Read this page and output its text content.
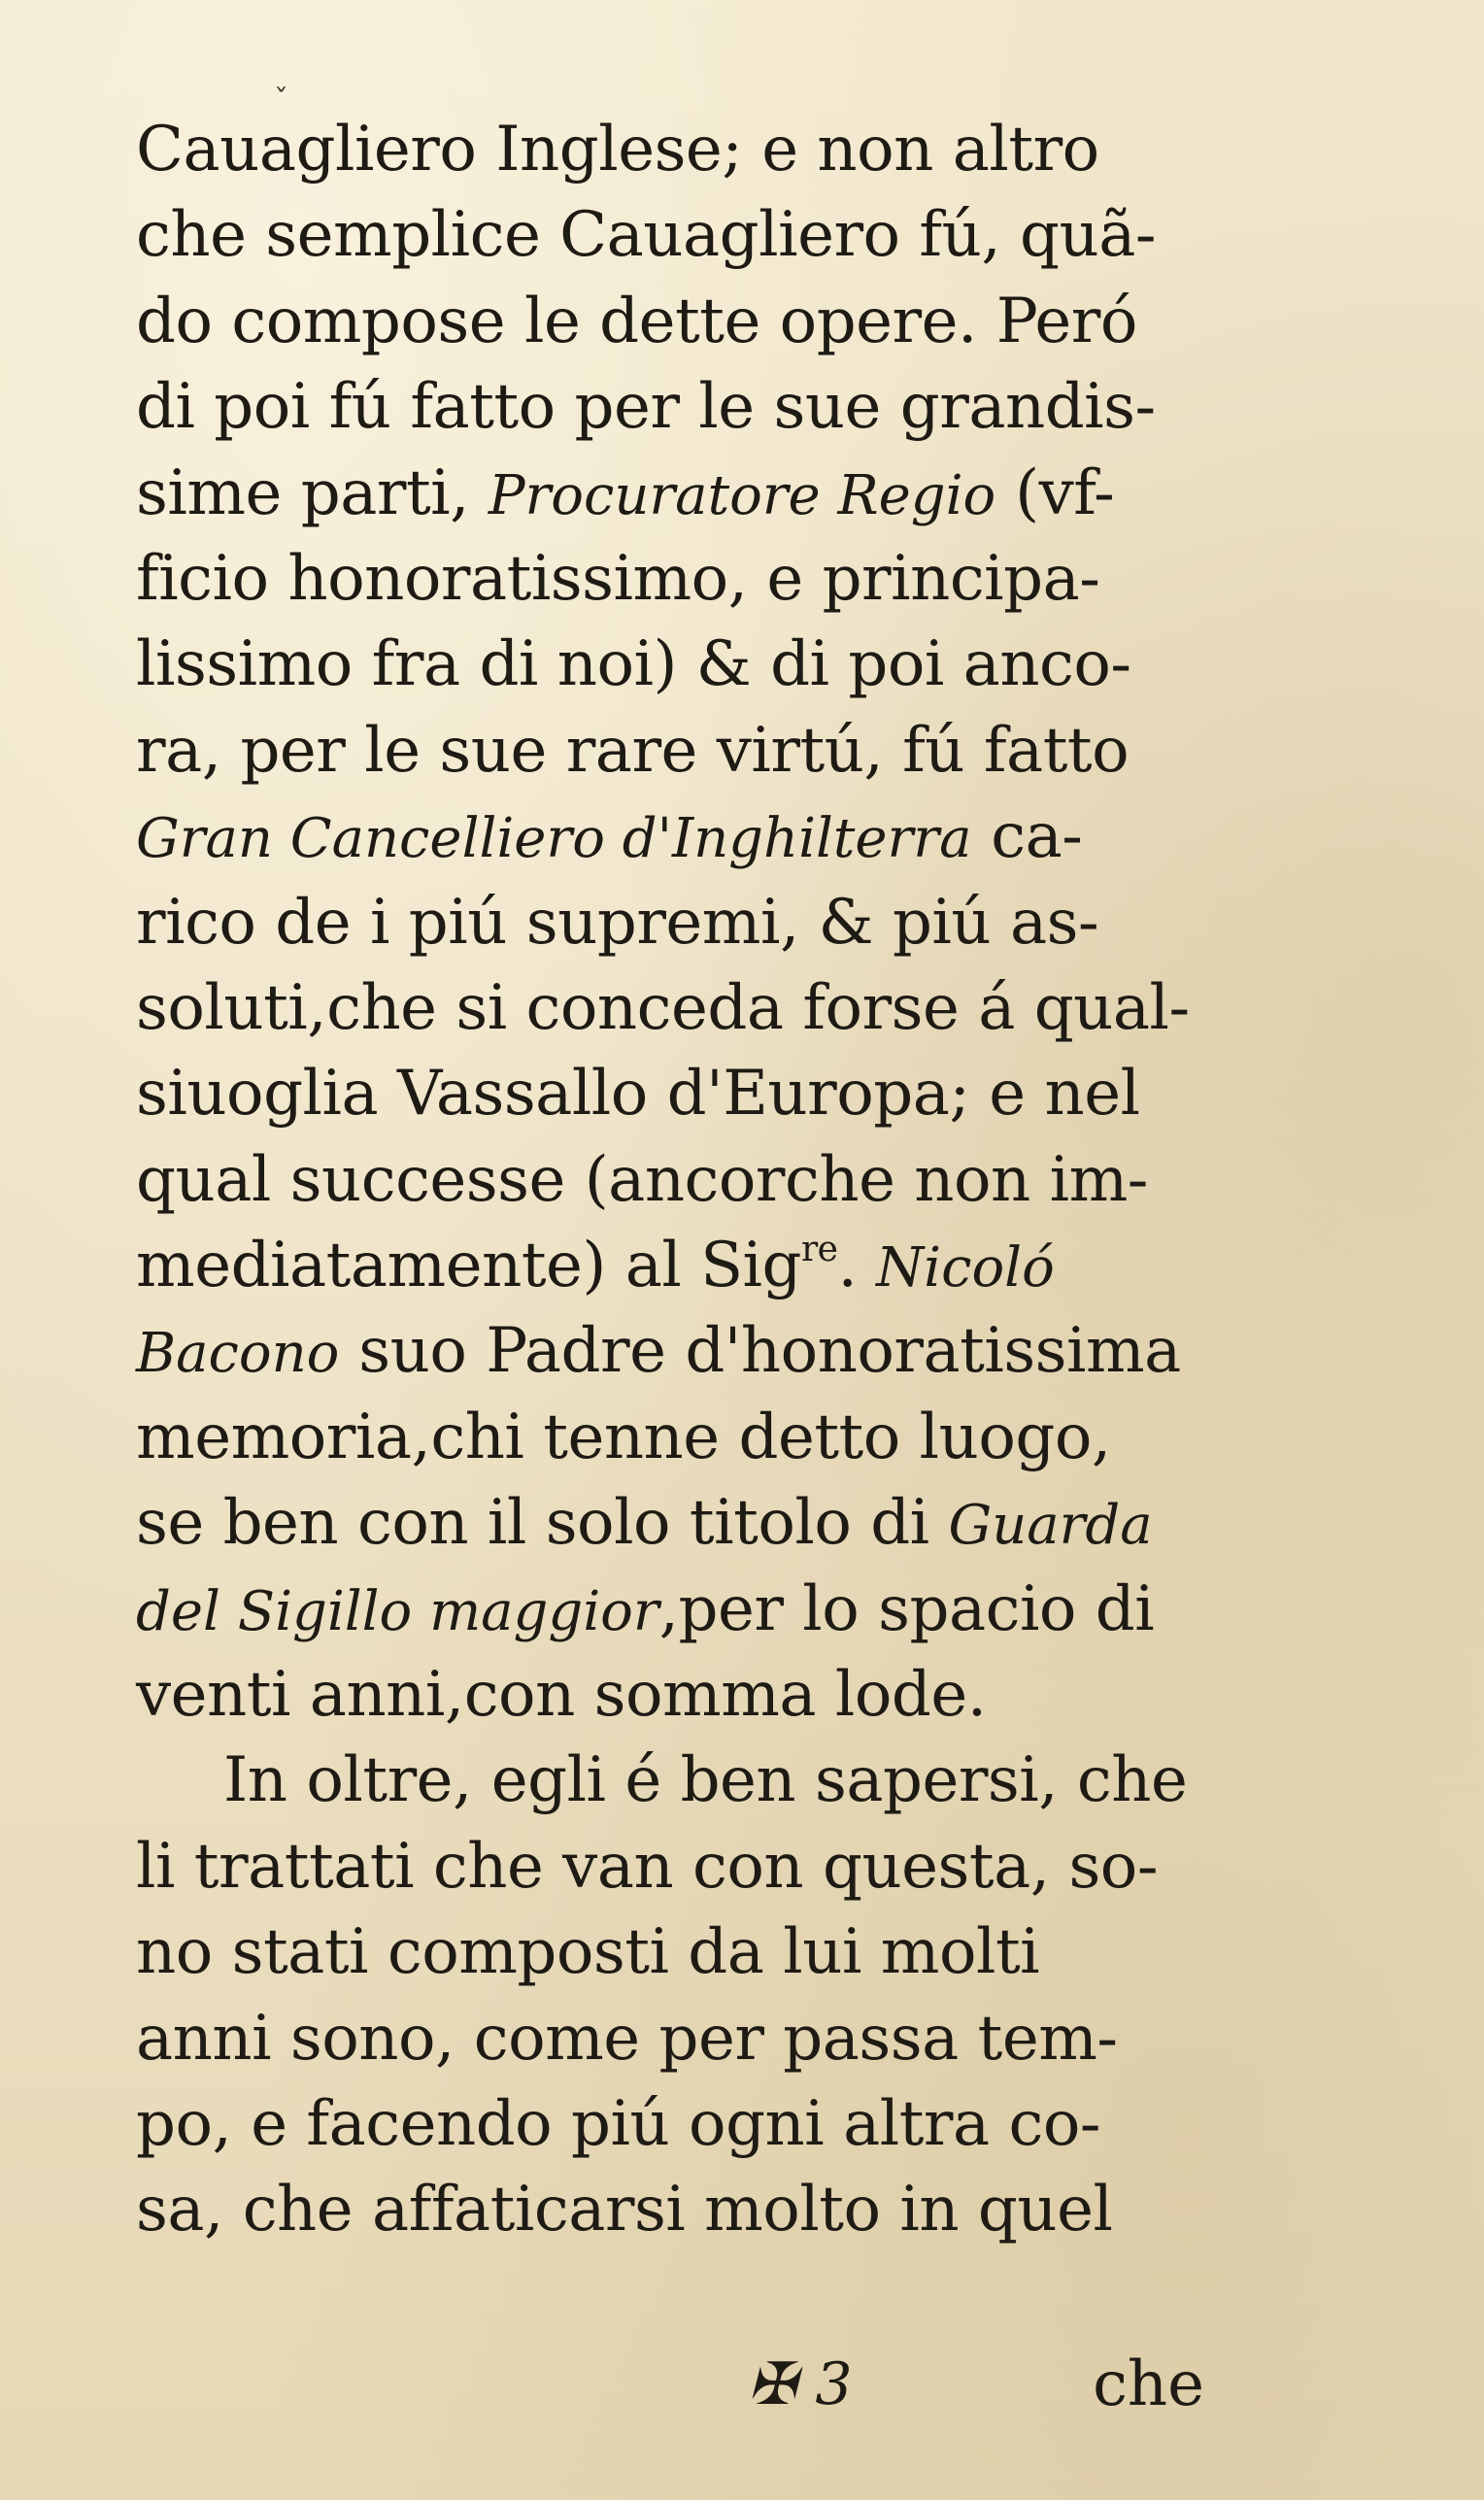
ˇ
Cauagliero Inglese; e non altro
che semplice Cauagliero fú, quã-
do compose le dette opere. Peró
di poi fú fatto per le sue grandis-
sime parti, Procuratore Regio (vf-
ficio honoratissimo, e principa-
lissimo fra di noi) & di poi anco-
ra, per le sue rare virtú, fú fatto
Gran Cancelliero d'Inghilterra ca-
rico de i piú supremi, & piú as-
soluti,che si conceda forse á qual-
siuoglia Vassallo d'Europa; e nel
qual successe (ancorche non im-
mediatamente) al Sig$^{re}$. Nicoló
Bacono suo Padre d'honoratissima
memoria,chi tenne detto luogo,
se ben con il solo titolo di Guarda
del Sigillo maggior,per lo spacio di
venti anni,con somma lode.
In oltre, egli é ben sapersi, che
li trattati che van con questa, so-
no stati composti da lui molti
anni sono, come per passa tem-
po, e facendo piú ogni altra co-
sa, che affaticarsi molto in quel
✠ 3	che
